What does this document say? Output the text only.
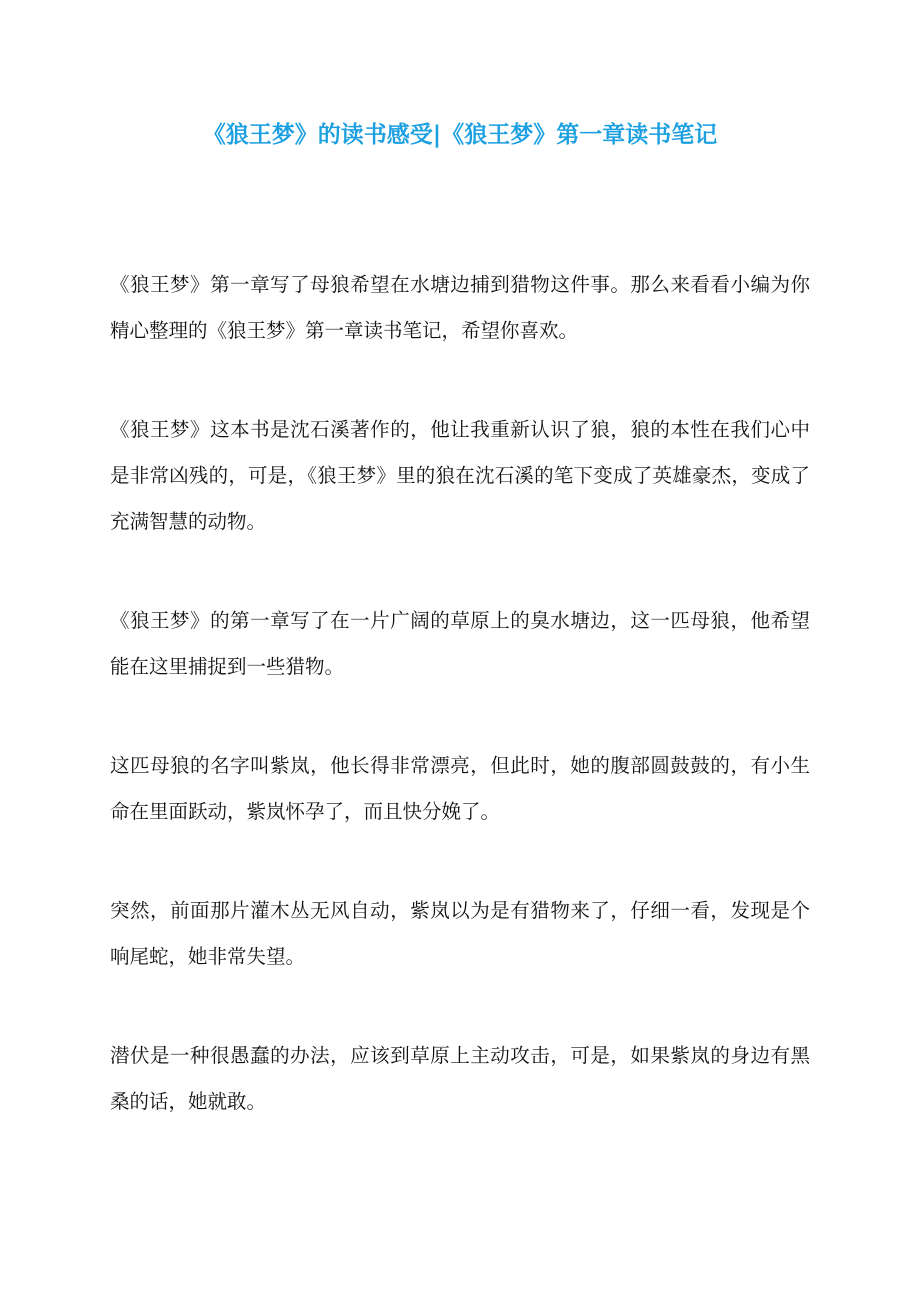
《狼王梦》的读书感受|《狼王梦》第一章读书笔记

《狼王梦》第一章写了母狼希望在水塘边捕到猎物这件事。那么来看看小编为你精心整理的《狼王梦》第一章读书笔记，希望你喜欢。

《狼王梦》这本书是沈石溪著作的，他让我重新认识了狼，狼的本性在我们心中是非常凶残的，可是，《狼王梦》里的狼在沈石溪的笔下变成了英雄豪杰，变成了充满智慧的动物。

《狼王梦》的第一章写了在一片广阔的草原上的臭水塘边，这一匹母狼，他希望能在这里捕捉到一些猎物。

这匹母狼的名字叫紫岚，他长得非常漂亮，但此时，她的腹部圆鼓鼓的，有小生命在里面跃动，紫岚怀孕了，而且快分娩了。

突然，前面那片灌木丛无风自动，紫岚以为是有猎物来了，仔细一看，发现是个响尾蛇，她非常失望。

潜伏是一种很愚蠢的办法，应该到草原上主动攻击，可是，如果紫岚的身边有黑桑的话，她就敢。
